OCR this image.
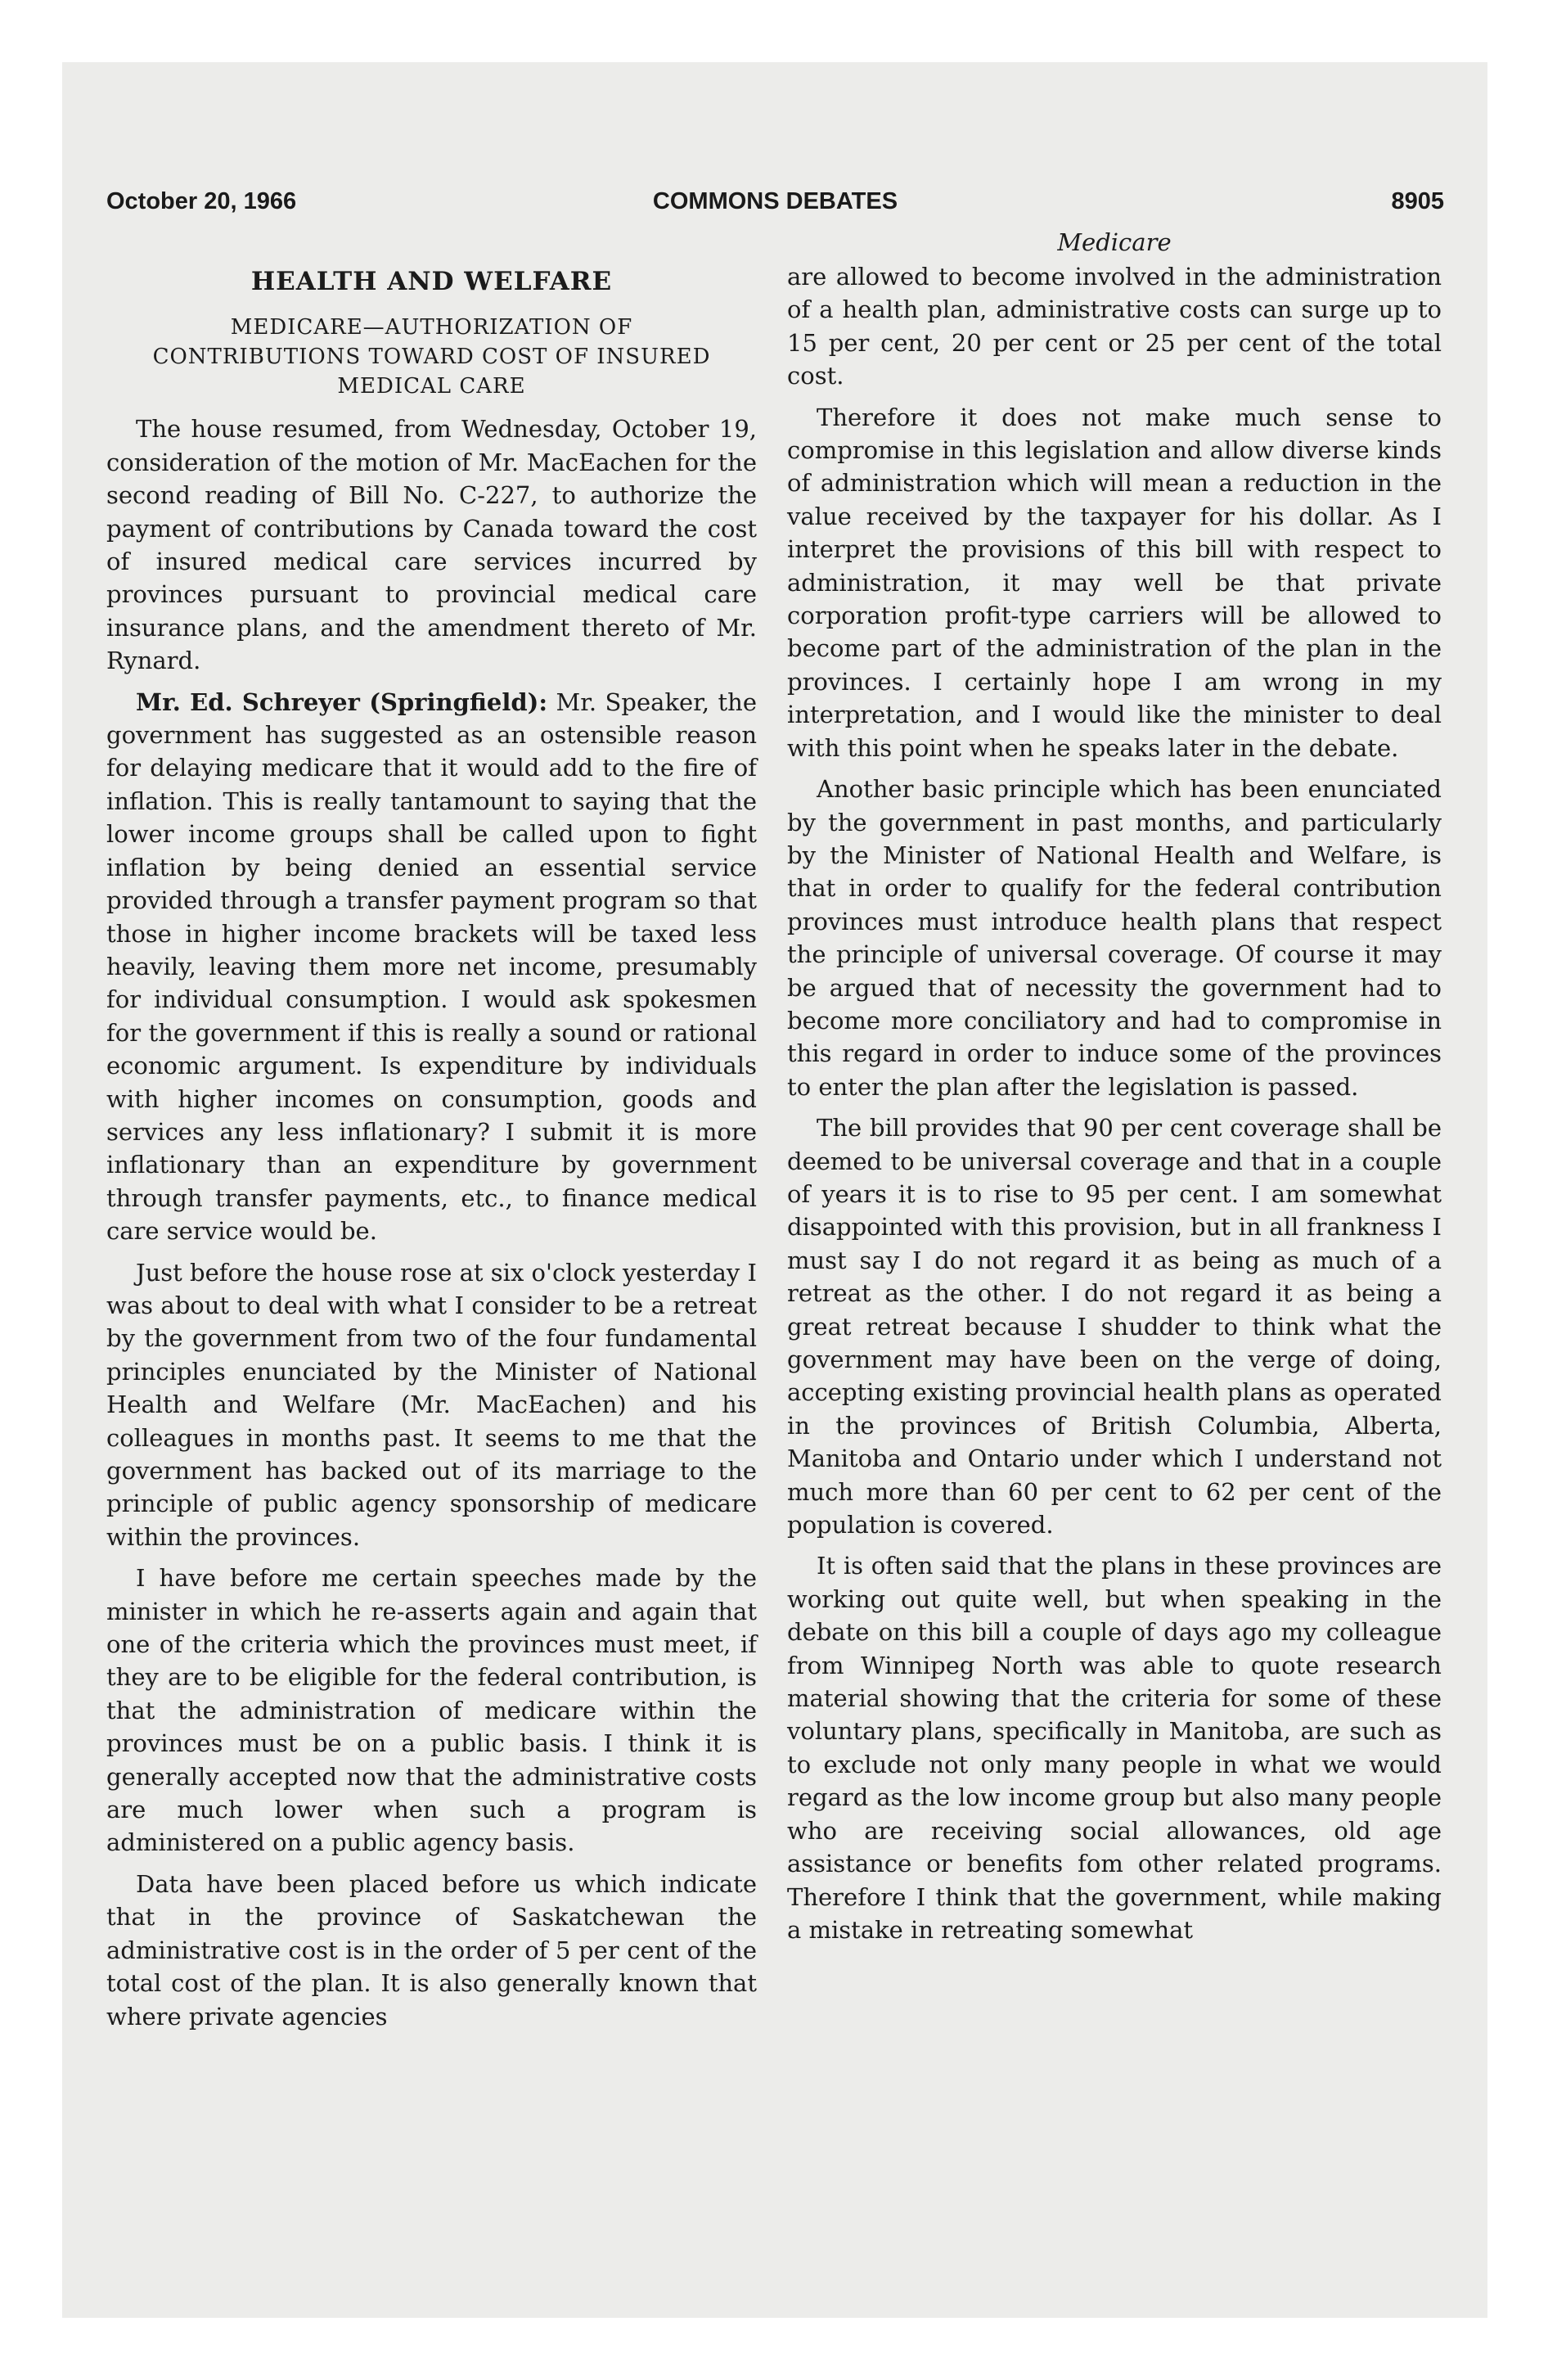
October 20, 1966	COMMONS DEBATES	8905
HEALTH AND WELFARE
MEDICARE—AUTHORIZATION OF CONTRIBUTIONS TOWARD COST OF INSURED MEDICAL CARE

The house resumed, from Wednesday, October 19, consideration of the motion of Mr. MacEachen for the second reading of Bill No. C-227, to authorize the payment of contributions by Canada toward the cost of insured medical care services incurred by provinces pursuant to provincial medical care insurance plans, and the amendment thereto of Mr. Rynard.

Mr. Ed. Schreyer (Springfield): Mr. Speaker, the government has suggested as an ostensible reason for delaying medicare that it would add to the fire of inflation. This is really tantamount to saying that the lower income groups shall be called upon to fight inflation by being denied an essential service provided through a transfer payment program so that those in higher income brackets will be taxed less heavily, leaving them more net income, presumably for individual consumption. I would ask spokesmen for the government if this is really a sound or rational economic argument. Is expenditure by individuals with higher incomes on consumption, goods and services any less inflationary? I submit it is more inflationary than an expenditure by government through transfer payments, etc., to finance medical care service would be.

Just before the house rose at six o'clock yesterday I was about to deal with what I consider to be a retreat by the government from two of the four fundamental principles enunciated by the Minister of National Health and Welfare (Mr. MacEachen) and his colleagues in months past. It seems to me that the government has backed out of its marriage to the principle of public agency sponsorship of medicare within the provinces.

I have before me certain speeches made by the minister in which he re-asserts again and again that one of the criteria which the provinces must meet, if they are to be eligible for the federal contribution, is that the administration of medicare within the provinces must be on a public basis. I think it is generally accepted now that the administrative costs are much lower when such a program is administered on a public agency basis.

Data have been placed before us which indicate that in the province of Saskatchewan the administrative cost is in the order of 5 per cent of the total cost of the plan. It is also generally known that where private agencies

Medicare

are allowed to become involved in the administration of a health plan, administrative costs can surge up to 15 per cent, 20 per cent or 25 per cent of the total cost.

Therefore it does not make much sense to compromise in this legislation and allow diverse kinds of administration which will mean a reduction in the value received by the taxpayer for his dollar. As I interpret the provisions of this bill with respect to administration, it may well be that private corporation profit-type carriers will be allowed to become part of the administration of the plan in the provinces. I certainly hope I am wrong in my interpretation, and I would like the minister to deal with this point when he speaks later in the debate.

Another basic principle which has been enunciated by the government in past months, and particularly by the Minister of National Health and Welfare, is that in order to qualify for the federal contribution provinces must introduce health plans that respect the principle of universal coverage. Of course it may be argued that of necessity the government had to become more conciliatory and had to compromise in this regard in order to induce some of the provinces to enter the plan after the legislation is passed.

The bill provides that 90 per cent coverage shall be deemed to be universal coverage and that in a couple of years it is to rise to 95 per cent. I am somewhat disappointed with this provision, but in all frankness I must say I do not regard it as being as much of a retreat as the other. I do not regard it as being a great retreat because I shudder to think what the government may have been on the verge of doing, accepting existing provincial health plans as operated in the provinces of British Columbia, Alberta, Manitoba and Ontario under which I understand not much more than 60 per cent to 62 per cent of the population is covered.

It is often said that the plans in these provinces are working out quite well, but when speaking in the debate on this bill a couple of days ago my colleague from Winnipeg North was able to quote research material showing that the criteria for some of these voluntary plans, specifically in Manitoba, are such as to exclude not only many people in what we would regard as the low income group but also many people who are receiving social allowances, old age assistance or benefits fom other related programs. Therefore I think that the government, while making a mistake in retreating somewhat
